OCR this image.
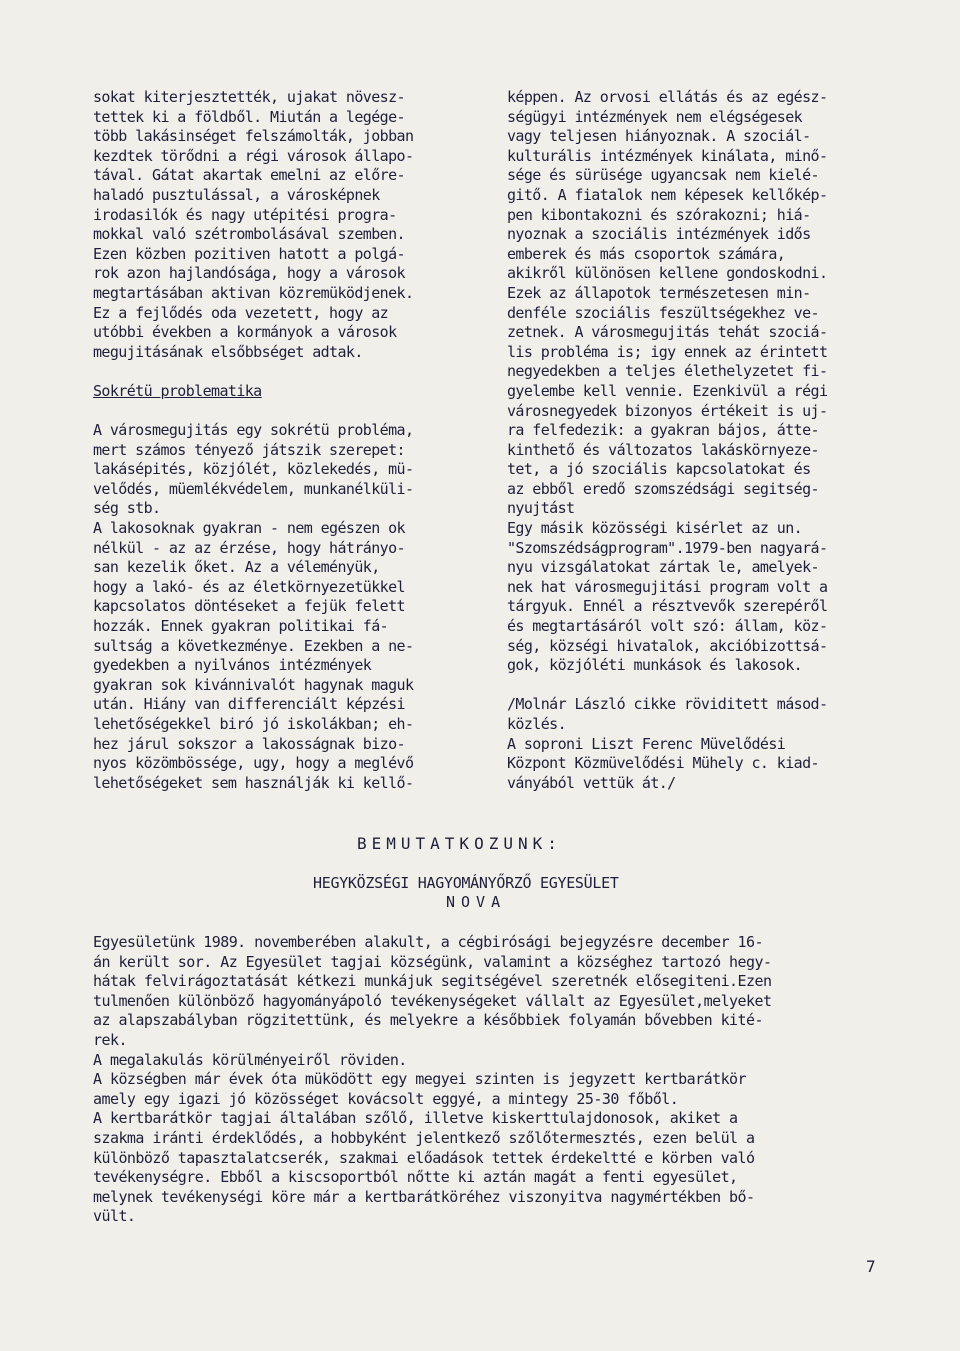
sokat kiterjesztették, ujakat növesz-
tettek ki a földből. Miután a legége-
több lakásinséget felszámolták, jobban
kezdtek törődni a régi városok állapo-
tával. Gátat akartak emelni az előre-
haladó pusztulással, a városképnek
irodasilók és nagy utépitési progra-
mokkal való szétrombolásával szemben.
Ezen közben pozitiven hatott a polgá-
rok azon hajlandósága, hogy a városok
megtartásában aktivan közremüködjenek.
Ez a fejlődés oda vezetett, hogy az
utóbbi években a kormányok a városok
megujitásának elsőbbséget adtak.
Sokrétü problematika
A városmegujitás egy sokrétü probléma,
mert számos tényező játszik szerepet:
lakásépités, közjólét, közlekedés, mü-
velődés, müemlékvédelem, munkanélküli-
ség stb.
A lakosoknak gyakran - nem egészen ok
nélkül - az az érzése, hogy hátrányo-
san kezelik őket. Az a véleményük,
hogy a lakó- és az életkörnyezetükkel
kapcsolatos döntéseket a fejük felett
hozzák. Ennek gyakran politikai fá-
sultság a következménye. Ezekben a ne-
gyedekben a nyilvános intézmények
gyakran sok kivánnivalót hagynak maguk
után. Hiány van differenciált képzési
lehetőségekkel biró jó iskolákban; eh-
hez járul sokszor a lakosságnak bizo-
nyos közömbössége, ugy, hogy a meglévő
lehetőségeket sem használják ki kellő-
képpen. Az orvosi ellátás és az egész-
ségügyi intézmények nem elégségesek
vagy teljesen hiányoznak. A szociál-
kulturális intézmények kinálata, minő-
sége és sürüsége ugyancsak nem kielé-
gitő. A fiatalok nem képesek kellőkép-
pen kibontakozni és szórakozni; hiá-
nyoznak a szociális intézmények idős
emberek és más csoportok számára,
akikről különösen kellene gondoskodni.
Ezek az állapotok természetesen min-
denféle szociális feszültségekhez ve-
zetnek. A városmegujitás tehát szociá-
lis probléma is; igy ennek az érintett
negyedekben a teljes élethelyzetet fi-
gyelembe kell vennie. Ezenkivül a régi
városnegyedek bizonyos értékeit is uj-
ra felfedezik: a gyakran bájos, átte-
kinthető és változatos lakáskörnyeze-
tet, a jó szociális kapcsolatokat és
az ebből eredő szomszédsági segitség-
nyujtást
Egy másik közösségi kisérlet az un.
"Szomszédságprogram".1979-ben nagyará-
nyu vizsgálatokat zártak le, amelyek-
nek hat városmegujitási program volt a
tárgyuk. Ennél a résztvevők szerepéről
és megtartásáról volt szó: állam, köz-
ség, községi hivatalok, akcióbizottsá-
gok, közjóléti munkások és lakosok.
/Molnár László cikke röviditett másod-
közlés.
A soproni Liszt Ferenc Müvelődési
Központ Közmüvelődési Mühely c. kiad-
ványából vettük át./
BEMUTATKOZUNK:
HEGYKÖZSÉGI HAGYOMÁNYŐRZŐ EGYESÜLET
NOVA
Egyesületünk 1989. novemberében alakult, a cégbirósági bejegyzésre december 16-
án került sor. Az Egyesület tagjai községünk, valamint a községhez tartozó hegy-
hátak felvirágoztatását kétkezi munkájuk segitségével szeretnék elősegiteni.Ezen
tulmenően különböző hagyományápoló tevékenységeket vállalt az Egyesület,melyeket
az alapszabályban rögzitettünk, és melyekre a későbbiek folyamán bővebben kité-
rek.
A megalakulás körülményeiről röviden.
A községben már évek óta müködött egy megyei szinten is jegyzett kertbarátkör
amely egy igazi jó közösséget kovácsolt eggyé, a mintegy 25-30 főből.
A kertbarátkör tagjai általában szőlő, illetve kiskerttulajdonosok, akiket a
szakma iránti érdeklődés, a hobbyként jelentkező szőlőtermesztés, ezen belül a
különböző tapasztalatcserék, szakmai előadások tettek érdekeltté e körben való
tevékenységre. Ebből a kiscsoportból nőtte ki aztán magát a fenti egyesület,
melynek tevékenységi köre már a kertbarátköréhez viszonyitva nagymértékben bő-
vült.
7
